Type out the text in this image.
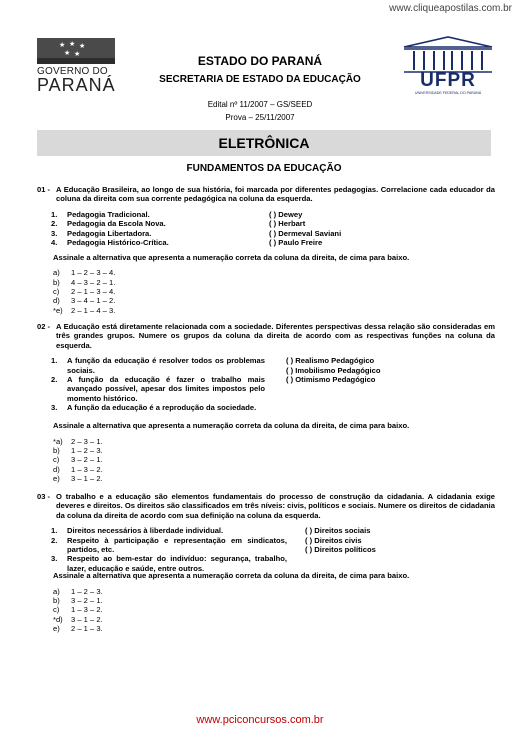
www.cliqueapostilas.com.br
★ ★ ★
★ ★
GOVERNO DO
PARANÁ	UFPR
UNIVERSIDADE FEDERAL DO PARANÁ
ESTADO DO PARANÁ
SECRETARIA DE ESTADO DA EDUCAÇÃO
Edital nº 11/2007 – GS/SEED
Prova – 25/11/2007
ELETRÔNICA
FUNDAMENTOS DA EDUCAÇÃO
01 - A Educação Brasileira, ao longo de sua história, foi marcada por diferentes pedagogias. Correlacione cada educador da coluna da direita com sua corrente pedagógica na coluna da esquerda.
1. Pedagogia Tradicional.
2. Pedagogia da Escola Nova.
3. Pedagogia Libertadora.
4. Pedagogia Histórico-Crítica.
( ) Dewey
( ) Herbart
( ) Dermeval Saviani
( ) Paulo Freire
Assinale a alternativa que apresenta a numeração correta da coluna da direita, de cima para baixo.
a) 1 – 2 – 3 – 4.
b) 4 – 3 – 2 – 1.
c) 2 – 1 – 3 – 4.
d) 3 – 4 – 1 – 2.
*e) 2 – 1 – 4 – 3.
02 - A Educação está diretamente relacionada com a sociedade. Diferentes perspectivas dessa relação são consideradas em três grandes grupos. Numere os grupos da coluna da direita de acordo com as respectivas funções na coluna da esquerda.
1. A função da educação é resolver todos os problemas sociais.
2. A função da educação é fazer o trabalho mais avançado possível, apesar dos limites impostos pelo momento histórico.
3. A função da educação é a reprodução da sociedade.
( ) Realismo Pedagógico
( ) Imobilismo Pedagógico
( ) Otimismo Pedagógico
Assinale a alternativa que apresenta a numeração correta da coluna da direita, de cima para baixo.
*a) 2 – 3 – 1.
b) 1 – 2 – 3.
c) 3 – 2 – 1.
d) 1 – 3 – 2.
e) 3 – 1 – 2.
03 - O trabalho e a educação são elementos fundamentais do processo de construção da cidadania. A cidadania exige deveres e direitos. Os direitos são classificados em três níveis: civis, políticos e sociais. Numere os direitos de cidadania da coluna da direita de acordo com sua definição na coluna da esquerda.
1. Direitos necessários à liberdade individual.
2. Respeito à participação e representação em sindicatos, partidos, etc.
3. Respeito ao bem-estar do indivíduo: segurança, trabalho, lazer, educação e saúde, entre outros.
( ) Direitos sociais
( ) Direitos civis
( ) Direitos políticos
Assinale a alternativa que apresenta a numeração correta da coluna da direita, de cima para baixo.
a) 1 – 2 – 3.
b) 3 – 2 – 1.
c) 1 – 3 – 2.
*d) 3 – 1 – 2.
e) 2 – 1 – 3.
www.pciconcursos.com.br
